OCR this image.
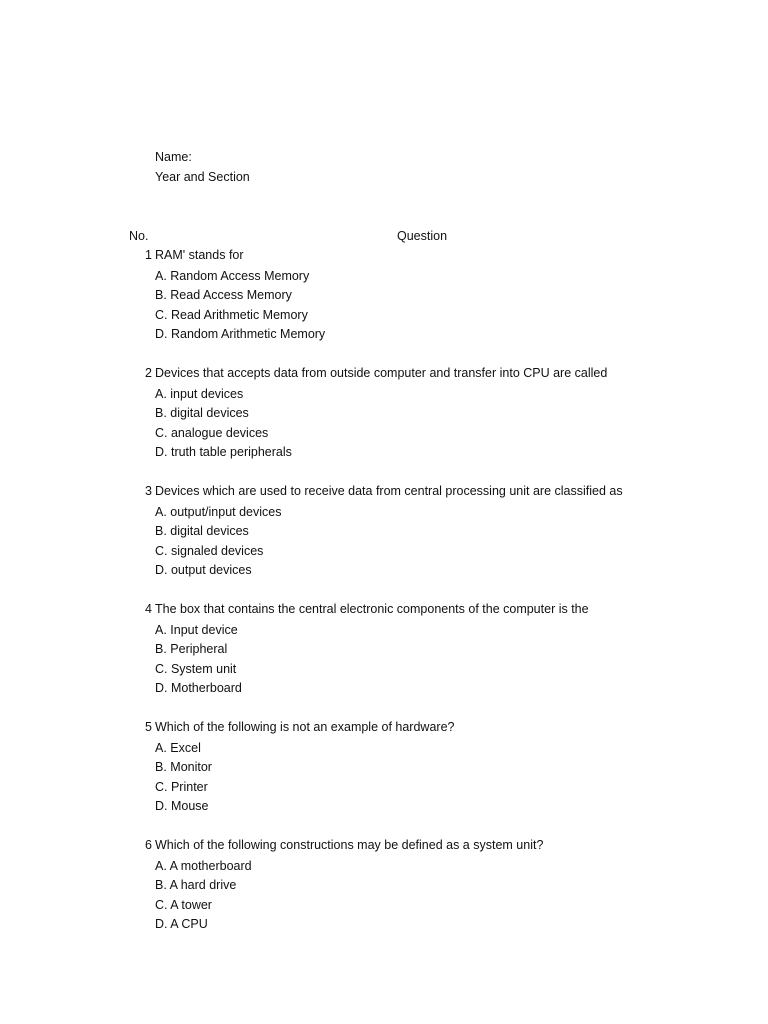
Name:
Year and Section
No.	Question
1 RAM' stands for
A. Random Access Memory
B. Read Access Memory
C. Read Arithmetic Memory
D. Random Arithmetic Memory
2 Devices that accepts data from outside computer and transfer into CPU are called
A. input devices
B. digital devices
C. analogue devices
D. truth table peripherals
3 Devices which are used to receive data from central processing unit are classified as
A. output/input devices
B. digital devices
C. signaled devices
D. output devices
4 The box that contains the central electronic components of the computer is the
A. Input device
B. Peripheral
C. System unit
D. Motherboard
5 Which of the following is not an example of hardware?
A. Excel
B. Monitor
C. Printer
D. Mouse
6 Which of the following constructions may be defined as a system unit?
A. A motherboard
B. A hard drive
C. A tower
D. A CPU
